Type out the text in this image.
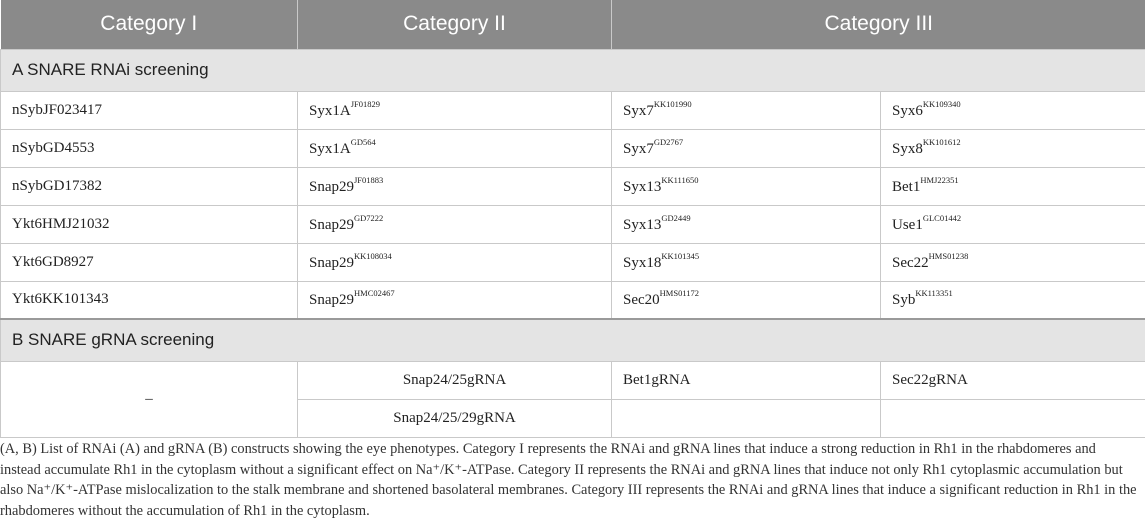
Category I	Category II	Category III	
A SNARE RNAi screening			
nSybJF023417	$Syx1A^{JF01829}$	$Syx7^{KK101990}$	$Syx6^{KK109340}$
nSybGD4553	$Syx1A^{GD564}$	$Syx7^{GD2767}$	$Syx8^{KK101612}$
nSybGD17382	$Snap29^{JF01883}$	$Syx13^{KK111650}$	$Bet1^{HMJ22351}$
Ykt6HMJ21032	$Snap29^{GD7222}$	$Syx13^{GD2449}$	$Use1^{GLC01442}$
Ykt6GD8927	$Snap29^{KK108034}$	$Syx18^{KK101345}$	$Sec22^{HMS01238}$
Ykt6KK101343	$Snap29^{HMC02467}$	$Sec20^{HMS01172}$	Syb$^{KK113351}$
B SNARE gRNA screening			
–	Snap24/25gRNA	Bet1gRNA	Sec22gRNA
	Snap24/25/29gRNA		

(A, B) List of RNAi (A) and gRNA (B) constructs showing the eye phenotypes. Category I represents the RNAi and gRNA lines that induce a strong reduction in Rh1 in the rhabdomeres and instead accumulate Rh1 in the cytoplasm without a significant effect on Na⁺/K⁺-ATPase. Category II represents the RNAi and gRNA lines that induce not only Rh1 cytoplasmic accumulation but also Na⁺/K⁺-ATPase mislocalization to the stalk membrane and shortened basolateral membranes. Category III represents the RNAi and gRNA lines that induce a significant reduction in Rh1 in the rhabdomeres without the accumulation of Rh1 in the cytoplasm.
